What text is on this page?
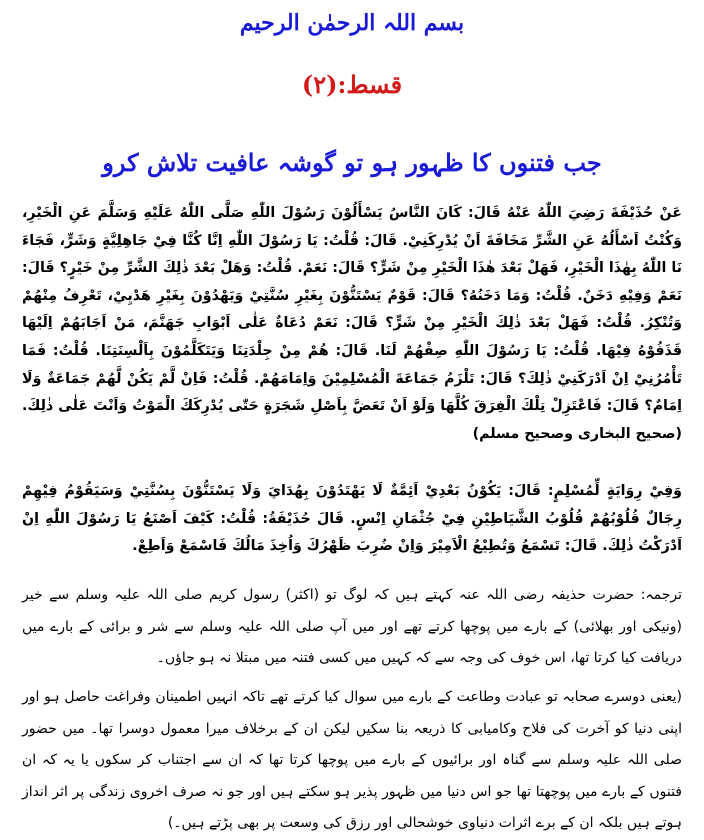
بسم اللہ الرحمٰن الرحیم
قسط:(۲)
جب فتنوں کا ظہور ہو تو گوشہ عافیت تلاش کرو

عَنْ حُذَيْفَةَ رَضِيَ اللّٰهُ عَنْهُ قَالَ: كَانَ النَّاسُ يَسْأَلُوْنَ رَسُوْلَ اللّٰهِ صَلَّى اللّٰهُ عَلَيْهِ وَسَلَّمَ عَنِ الْخَيْرِ، وَكُنْتُ اَسْأَلُهُ عَنِ الشَّرِّ مَخَافَةَ اَنْ يُدْرِكَنِيْ. قَالَ: قُلْتُ: يَا رَسُوْلَ اللّٰهِ اِنَّا كُنَّا فِيْ جَاهِلِيَّةٍ وَشَرٍّ، فَجَاءَ نَا اللّٰهُ بِهٰذَا الْخَيْرِ، فَهَلْ بَعْدَ هٰذَا الْخَيْرِ مِنْ شَرٍّ؟ قَالَ: نَعَمْ. قُلْتُ: وَهَلْ بَعْدَ ذٰلِكَ الشَّرِّ مِنْ خَيْرٍ؟ قَالَ: نَعَمْ وَفِيْهِ دَخَنٌ. قُلْتُ: وَمَا دَخَنُهُ؟ قَالَ: قَوْمٌ يَسْتَنُّوْنَ بِغَيْرِ سُنَّتِيْ وَيَهْدُوْنَ بِغَيْرِ هَدْيِيْ، تَعْرِفُ مِنْهُمْ وَتُنْكِرُ. قُلْتُ: فَهَلْ بَعْدَ ذٰلِكَ الْخَيْرِ مِنْ شَرٍّ؟ قَالَ: نَعَمْ دُعَاةٌ عَلٰى اَبْوَابِ جَهَنَّمَ، مَنْ اَجَابَهُمْ اِلَيْهَا قَذَفُوْهُ فِيْهَا. قُلْتُ: يَا رَسُوْلَ اللّٰهِ صِفْهُمْ لَنَا. قَالَ: هُمْ مِنْ جِلْدَتِنَا وَيَتَكَلَّمُوْنَ بِاَلْسِنَتِنَا. قُلْتُ: فَمَا تَأْمُرُنِيْ اِنْ اَدْرَكَنِيْ ذٰلِكَ؟ قَالَ: تَلْزَمُ جَمَاعَةَ الْمُسْلِمِيْنَ وَاِمَامَهُمْ. قُلْتُ: فَاِنْ لَّمْ يَكُنْ لَّهُمْ جَمَاعَةٌ وَلَا اِمَامٌ؟ قَالَ: فَاعْتَزِلْ تِلْكَ الْفِرَقَ كُلَّهَا وَلَوْ اَنْ تَعَضَّ بِاَصْلِ شَجَرَةٍ حَتّٰى يُدْرِكَكَ الْمَوْتُ وَاَنْتَ عَلٰى ذٰلِكَ. (صحيح البخاری وصحيح مسلم)

وَفِيْ رِوَايَةٍ لِّمُسْلِمٍ: قَالَ: يَكُوْنُ بَعْدِيْ اَئِمَّةٌ لَا يَهْتَدُوْنَ بِهُدَايَ وَلَا يَسْتَنُّوْنَ بِسُنَّتِيْ وَسَيَقُوْمُ فِيْهِمْ رِجَالٌ قُلُوْبُهُمْ قُلُوْبُ الشَّيَاطِيْنِ فِيْ جُثْمَانِ اِنْسٍ. قَالَ حُذَيْفَةُ: قُلْتُ: كَيْفَ اَصْنَعُ يَا رَسُوْلَ اللّٰهِ اِنْ اَدْرَكْتُ ذٰلِكَ. قَالَ: تَسْمَعُ وَتُطِيْعُ الْاَمِيْرَ وَاِنْ ضُرِبَ ظَهْرُكَ وَاُخِذَ مَالُكَ فَاسْمَعْ وَاَطِعْ.

ترجمہ: حضرت حذیفہ رضی اللہ عنہ کہتے ہیں کہ لوگ تو (اکثر) رسول کریم صلی اللہ علیہ وسلم سے خیر (ونیکی اور بھلائی) کے بارے میں پوچھا کرتے تھے اور میں آپ صلی اللہ علیہ وسلم سے شر و برائی کے بارے میں دریافت کیا کرتا تھا، اس خوف کی وجہ سے کہ کہیں میں کسی فتنہ میں مبتلا نہ ہو جاؤں۔

(یعنی دوسرے صحابہ تو عبادت وطاعت کے بارے میں سوال کیا کرتے تھے تاکہ انہیں اطمینان وفراغت حاصل ہو اور اپنی دنیا کو آخرت کی فلاح وکامیابی کا ذریعہ بنا سکیں لیکن ان کے برخلاف میرا معمول دوسرا تھا۔ میں حضور صلی اللہ علیہ وسلم سے گناہ اور برائیوں کے بارے میں پوچھا کرتا تھا کہ ان سے اجتناب کر سکوں یا یہ کہ ان فتنوں کے بارے میں پوچھتا تھا جو اس دنیا میں ظہور پذیر ہو سکتے ہیں اور جو نہ صرف اخروی زندگی پر اثر انداز ہوتے ہیں بلکہ ان کے برے اثرات دنیاوی خوشحالی اور رزق کی وسعت پر بھی پڑتے ہیں۔)
